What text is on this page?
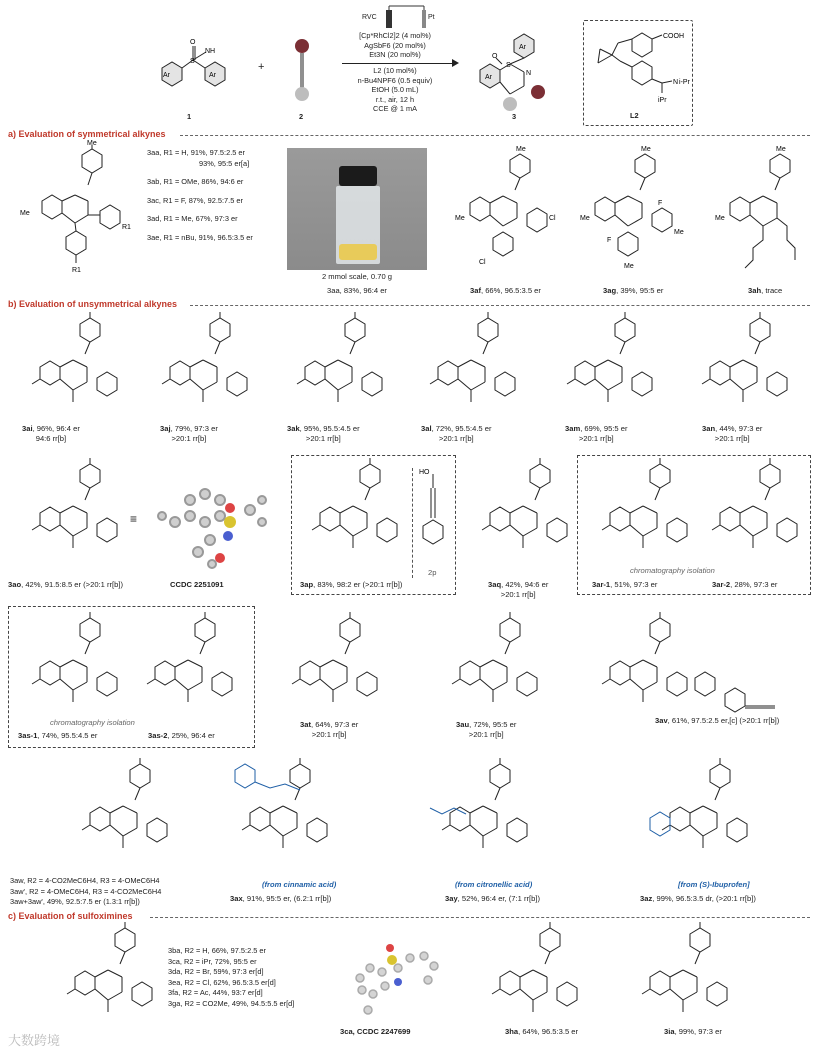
Ar	Ar
O
S
NH
1
+
2
RVC	Pt
[Cp*RhCl2]2 (4 mol%)
AgSbF6 (20 mol%)
Et3N (20 mol%)
L2 (10 mol%)
n-Bu4NPF6 (0.5 equiv)
EtOH (5.0 mL)
r.t., air, 12 h
CCE @ 1 mA
Ar
Ar
S
N
O
3
COOH
N i-Pr
iPr
L2
a) Evaluation of symmetrical alkynes
Me
Me
R1
R1
3aa, R1 = H, 91%, 97.5:2.5 er
93%, 95:5 er[a]
3ab, R1 = OMe, 86%, 94:6 er
3ac, R1 = F, 87%, 92.5:7.5 er
3ad, R1 = Me, 67%, 97:3 er
3ae, R1 = nBu, 91%, 96.5:3.5 er
2 mmol scale, 0.70 g
3aa, 83%, 96:4 er
Me
Me	Cl
Cl
3af, 66%, 96.5:3.5 er
Me
Me
F
F
Me
Me
3ag, 39%, 95:5 er
Me
Me
3ah, trace
b) Evaluation of unsymmetrical alkynes
3ai, 96%, 96:4 er
94:6 rr[b]
3aj, 79%, 97:3 er
>20:1 rr[b]
3ak, 95%, 95.5:4.5 er
>20:1 rr[b]
3al, 72%, 95.5:4.5 er
>20:1 rr[b]
3am, 69%, 95:5 er
>20:1 rr[b]
3an, 44%, 97:3 er
>20:1 rr[b]
3ao, 42%, 91.5:8.5 er (>20:1 rr[b])
≡
CCDC 2251091
HO
2p
3ap, 83%, 98:2 er (>20:1 rr[b])	3aq, 42%, 94:6 er
>20:1 rr[b]
chromatography isolation
3ar-1, 51%, 97:3 er	3ar-2, 28%, 97:3 er
chromatography isolation
3as-1, 74%, 95.5:4.5 er	3as-2, 25%, 96:4 er
3at, 64%, 97:3 er
>20:1 rr[b]
3au, 72%, 95:5 er
>20:1 rr[b]
3av, 61%, 97.5:2.5 er,[c] (>20:1 rr[b])
3aw, R2 = 4-CO2MeC6H4, R3 = 4-OMeC6H4
3aw', R2 = 4-OMeC6H4, R3 = 4-CO2MeC6H4
3aw+3aw', 49%, 92.5:7.5 er (1.3:1 rr[b])
(from cinnamic acid)
3ax, 91%, 95:5 er, (6.2:1 rr[b])
(from citronellic acid)
3ay, 52%, 96:4 er, (7:1 rr[b])
[from (S)-Ibuprofen]
3az, 99%, 96.5:3.5 dr, (>20:1 rr[b])
c) Evaluation of sulfoximines
3ba, R2 = H, 66%, 97.5:2.5 er
3ca, R2 = iPr, 72%, 95:5 er
3da, R2 = Br, 59%, 97:3 er[d]
3ea, R2 = Cl, 62%, 96.5:3.5 er[d]
3fa, R2 = Ac, 44%, 93:7 er[d]
3ga, R2 = CO2Me, 49%, 94.5:5.5 er[d]
3ca, CCDC 2247699	3ha, 64%, 96.5:3.5 er	3ia, 99%, 97:3 er
大数跨境
